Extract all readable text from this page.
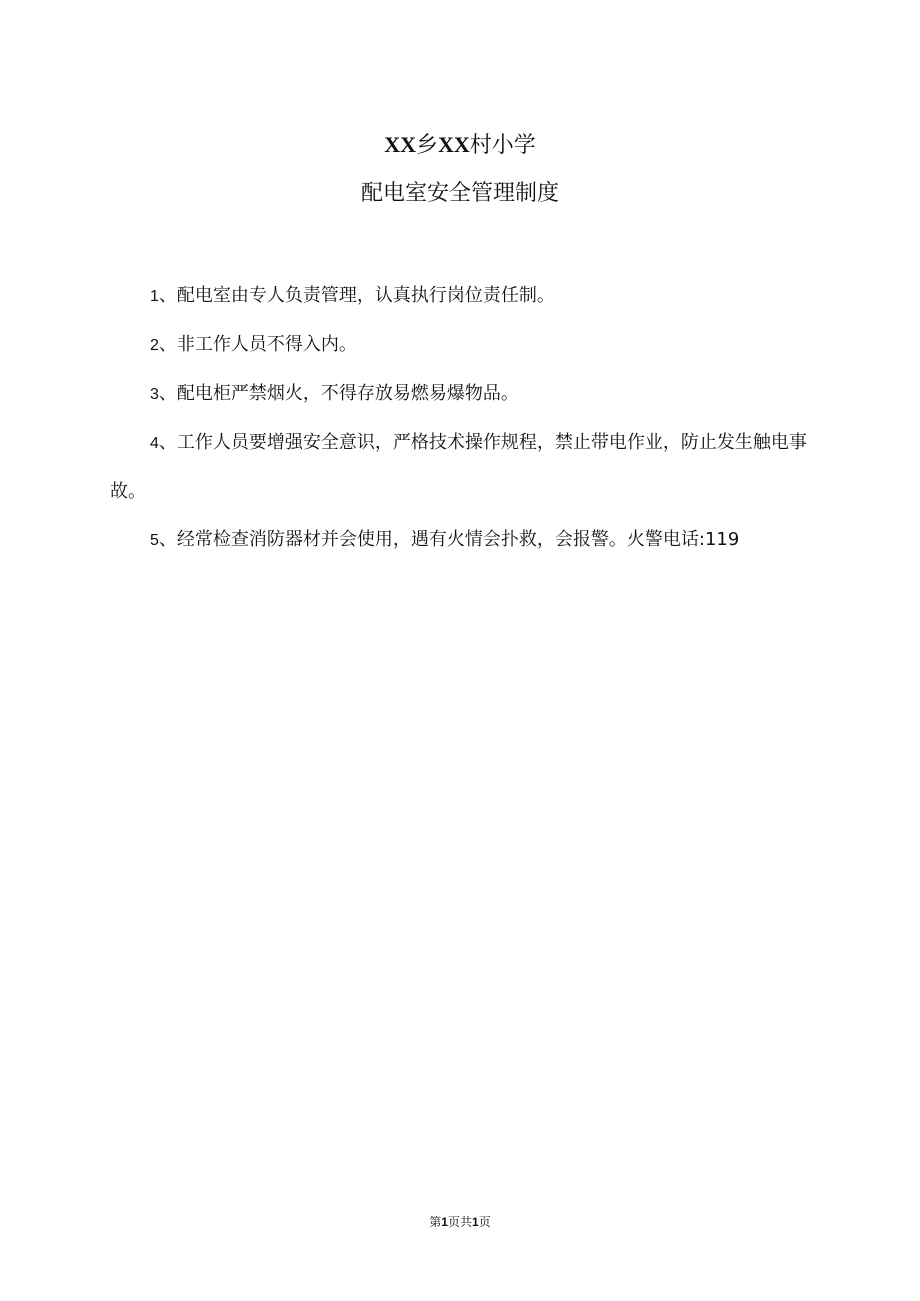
XX乡XX村小学
配电室安全管理制度

1、配电室由专人负责管理，认真执行岗位责任制。

2、非工作人员不得入内。

3、配电柜严禁烟火，不得存放易燃易爆物品。

4、工作人员要增强安全意识，严格技术操作规程，禁止带电作业，防止发生触电事故。

5、经常检查消防器材并会使用，遇有火情会扑救，会报警。火警电话:119

第1页共1页
